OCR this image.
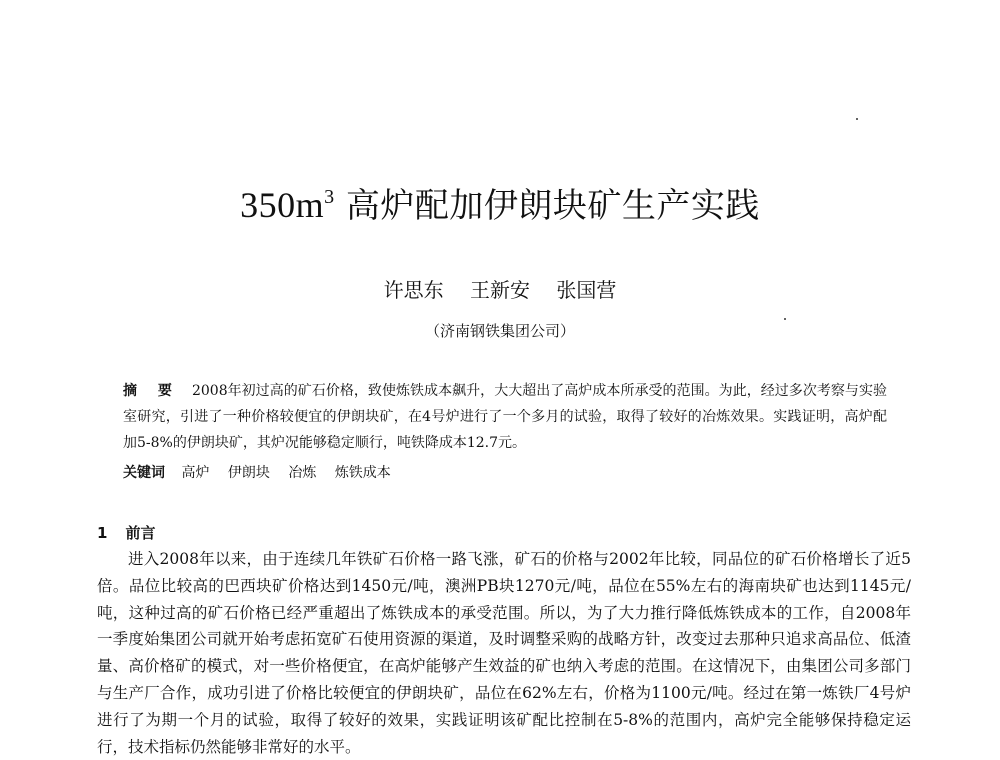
$350m^3$ 高炉配加伊朗块矿生产实践
许思东 王新安 张国营
（济南钢铁集团公司）
摘 要 2008年初过高的矿石价格，致使炼铁成本飙升，大大超出了高炉成本所承受的范围。为此，经过多次考察与实验室研究，引进了一种价格较便宜的伊朗块矿，在4号炉进行了一个多月的试验，取得了较好的冶炼效果。实践证明，高炉配加5-8%的伊朗块矿，其炉况能够稳定顺行，吨铁降成本12.7元。
关键词 高炉 伊朗块 冶炼 炼铁成本
1 前言
进入2008年以来，由于连续几年铁矿石价格一路飞涨，矿石的价格与2002年比较，同品位的矿石价格增长了近5倍。品位比较高的巴西块矿价格达到1450元/吨，澳洲PB块1270元/吨，品位在55%左右的海南块矿也达到1145元/吨，这种过高的矿石价格已经严重超出了炼铁成本的承受范围。所以，为了大力推行降低炼铁成本的工作，自2008年一季度始集团公司就开始考虑拓宽矿石使用资源的渠道，及时调整采购的战略方针，改变过去那种只追求高品位、低渣量、高价格矿的模式，对一些价格便宜，在高炉能够产生效益的矿也纳入考虑的范围。在这情况下，由集团公司多部门与生产厂合作，成功引进了价格比较便宜的伊朗块矿，品位在62%左右，价格为1100元/吨。经过在第一炼铁厂4号炉进行了为期一个月的试验，取得了较好的效果，实践证明该矿配比控制在5-8%的范围内，高炉完全能够保持稳定运行，技术指标仍然能够非常好的水平。
